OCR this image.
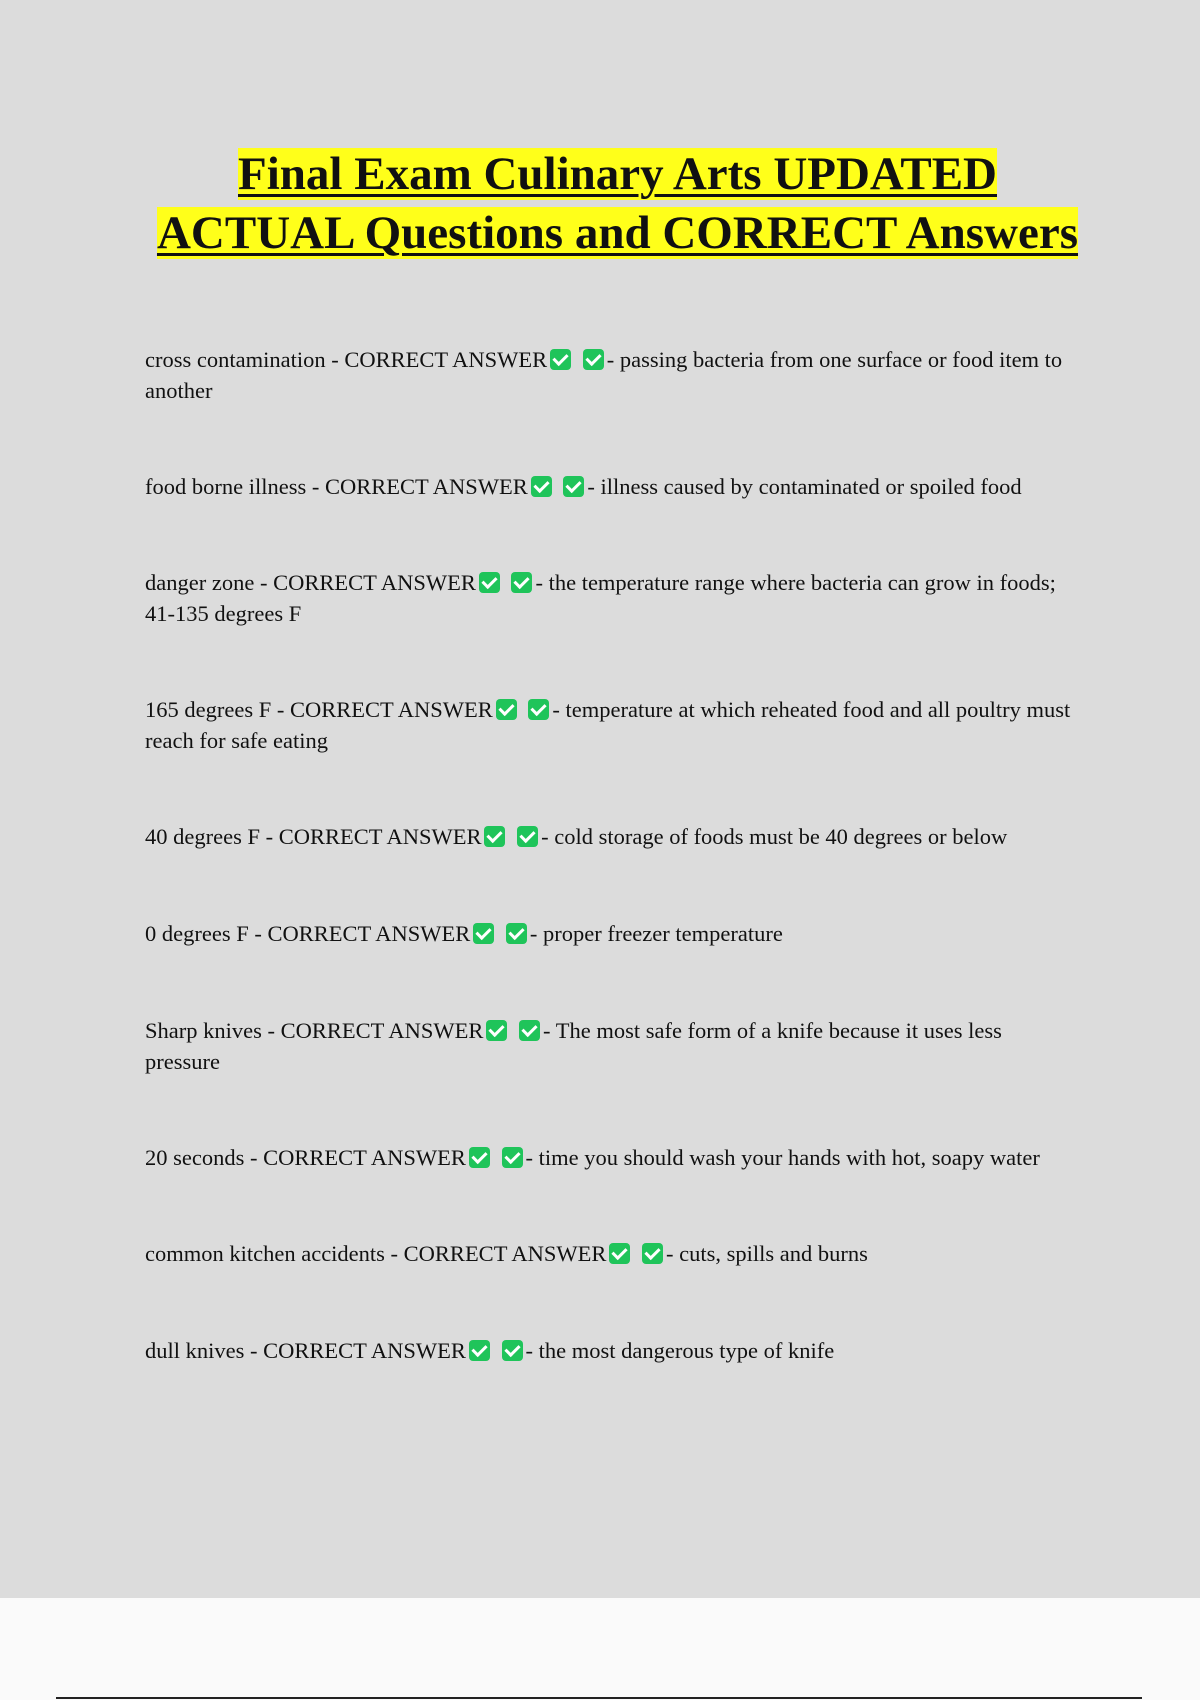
Final Exam Culinary Arts UPDATED ACTUAL Questions and CORRECT Answers

cross contamination - CORRECT ANSWER	- passing bacteria from one surface or food item to another

food borne illness - CORRECT ANSWER	- illness caused by contaminated or spoiled food

danger zone - CORRECT ANSWER	- the temperature range where bacteria can grow in foods; 41-135 degrees F

165 degrees F - CORRECT ANSWER	- temperature at which reheated food and all poultry must reach for safe eating

40 degrees F - CORRECT ANSWER	- cold storage of foods must be 40 degrees or below

0 degrees F - CORRECT ANSWER	- proper freezer temperature

Sharp knives - CORRECT ANSWER	- The most safe form of a knife because it uses less pressure

20 seconds - CORRECT ANSWER	- time you should wash your hands with hot, soapy water

common kitchen accidents - CORRECT ANSWER	- cuts, spills and burns

dull knives - CORRECT ANSWER	- the most dangerous type of knife
